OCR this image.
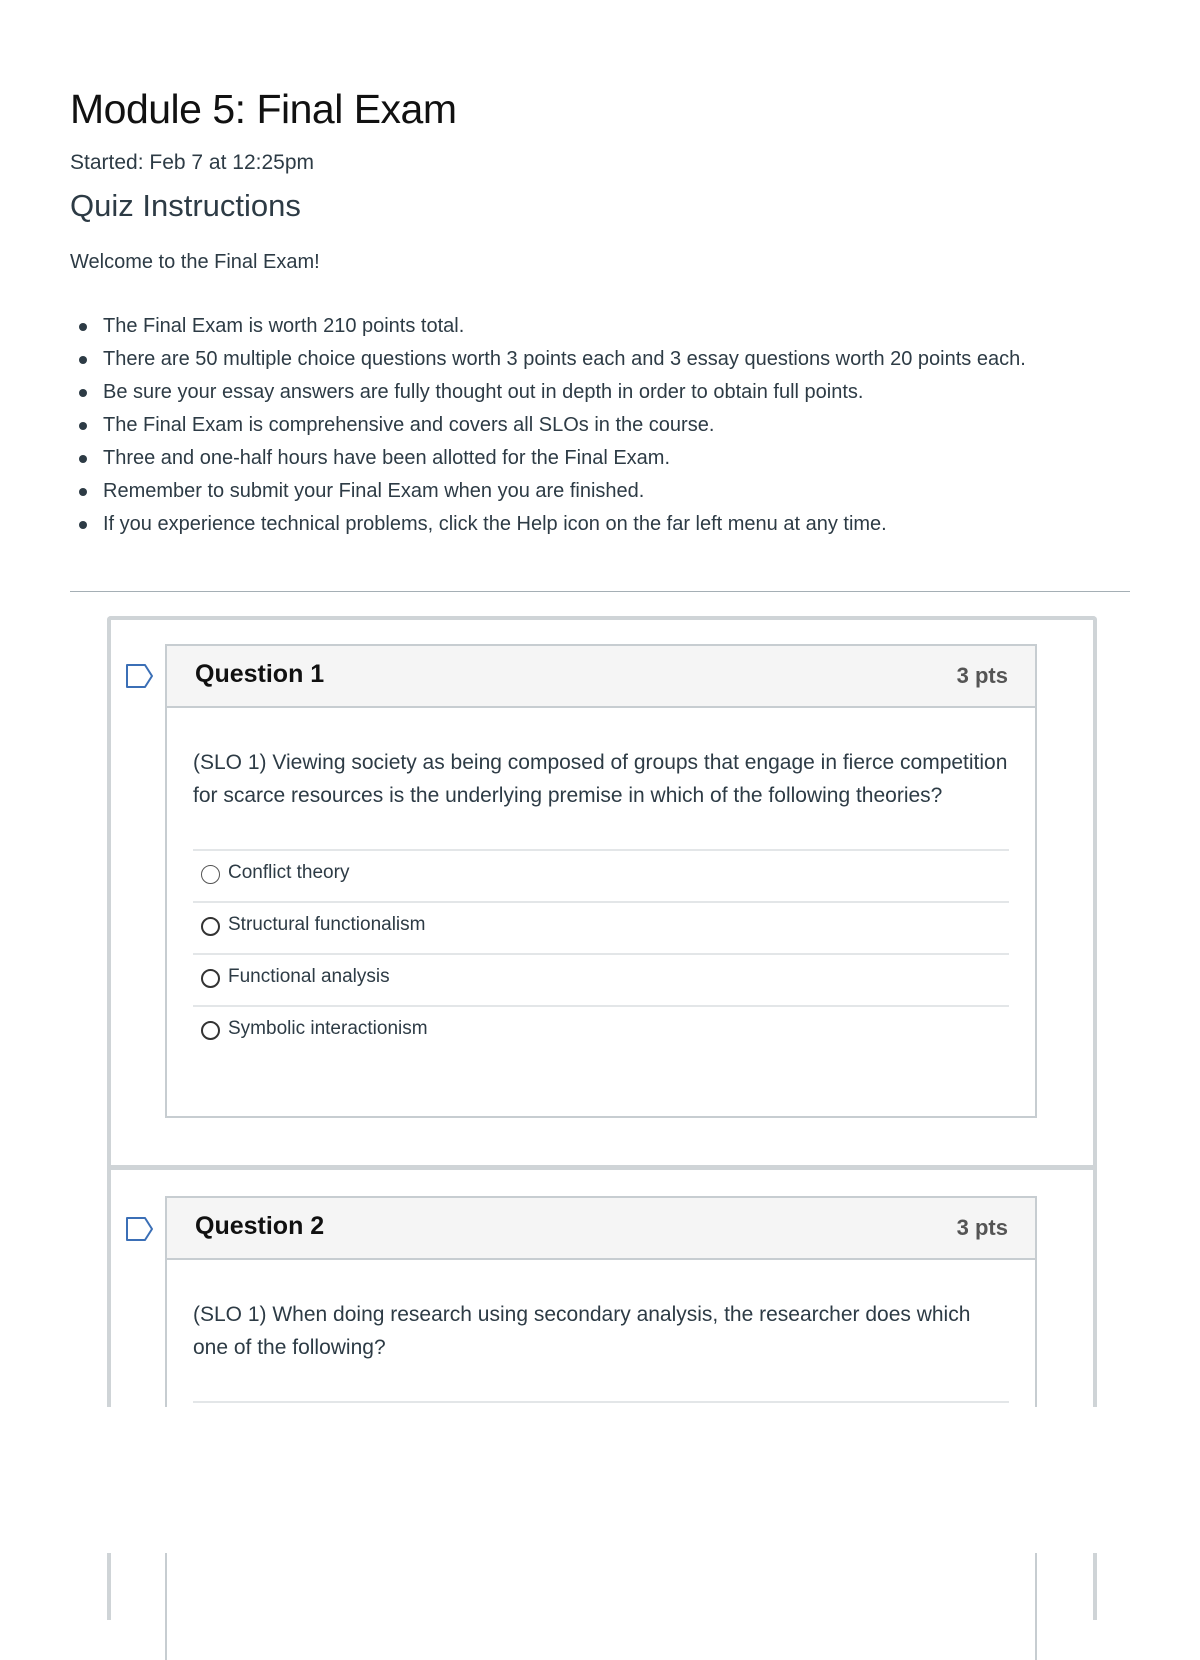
Module 5: Final Exam
Started: Feb 7 at 12:25pm
Quiz Instructions

Welcome to the Final Exam!

The Final Exam is worth 210 points total.
There are 50 multiple choice questions worth 3 points each and 3 essay questions worth 20 points each.
Be sure your essay answers are fully thought out in depth in order to obtain full points.
The Final Exam is comprehensive and covers all SLOs in the course.
Three and one-half hours have been allotted for the Final Exam.
Remember to submit your Final Exam when you are finished.
If you experience technical problems, click the Help icon on the far left menu at any time.
Question 1	3 pts

(SLO 1) Viewing society as being composed of groups that engage in fierce competition for scarce resources is the underlying premise in which of the following theories?

Conflict theory
Structural functionalism
Functional analysis
Symbolic interactionism
Question 2	3 pts

(SLO 1) When doing research using secondary analysis, the researcher does which one of the following?
